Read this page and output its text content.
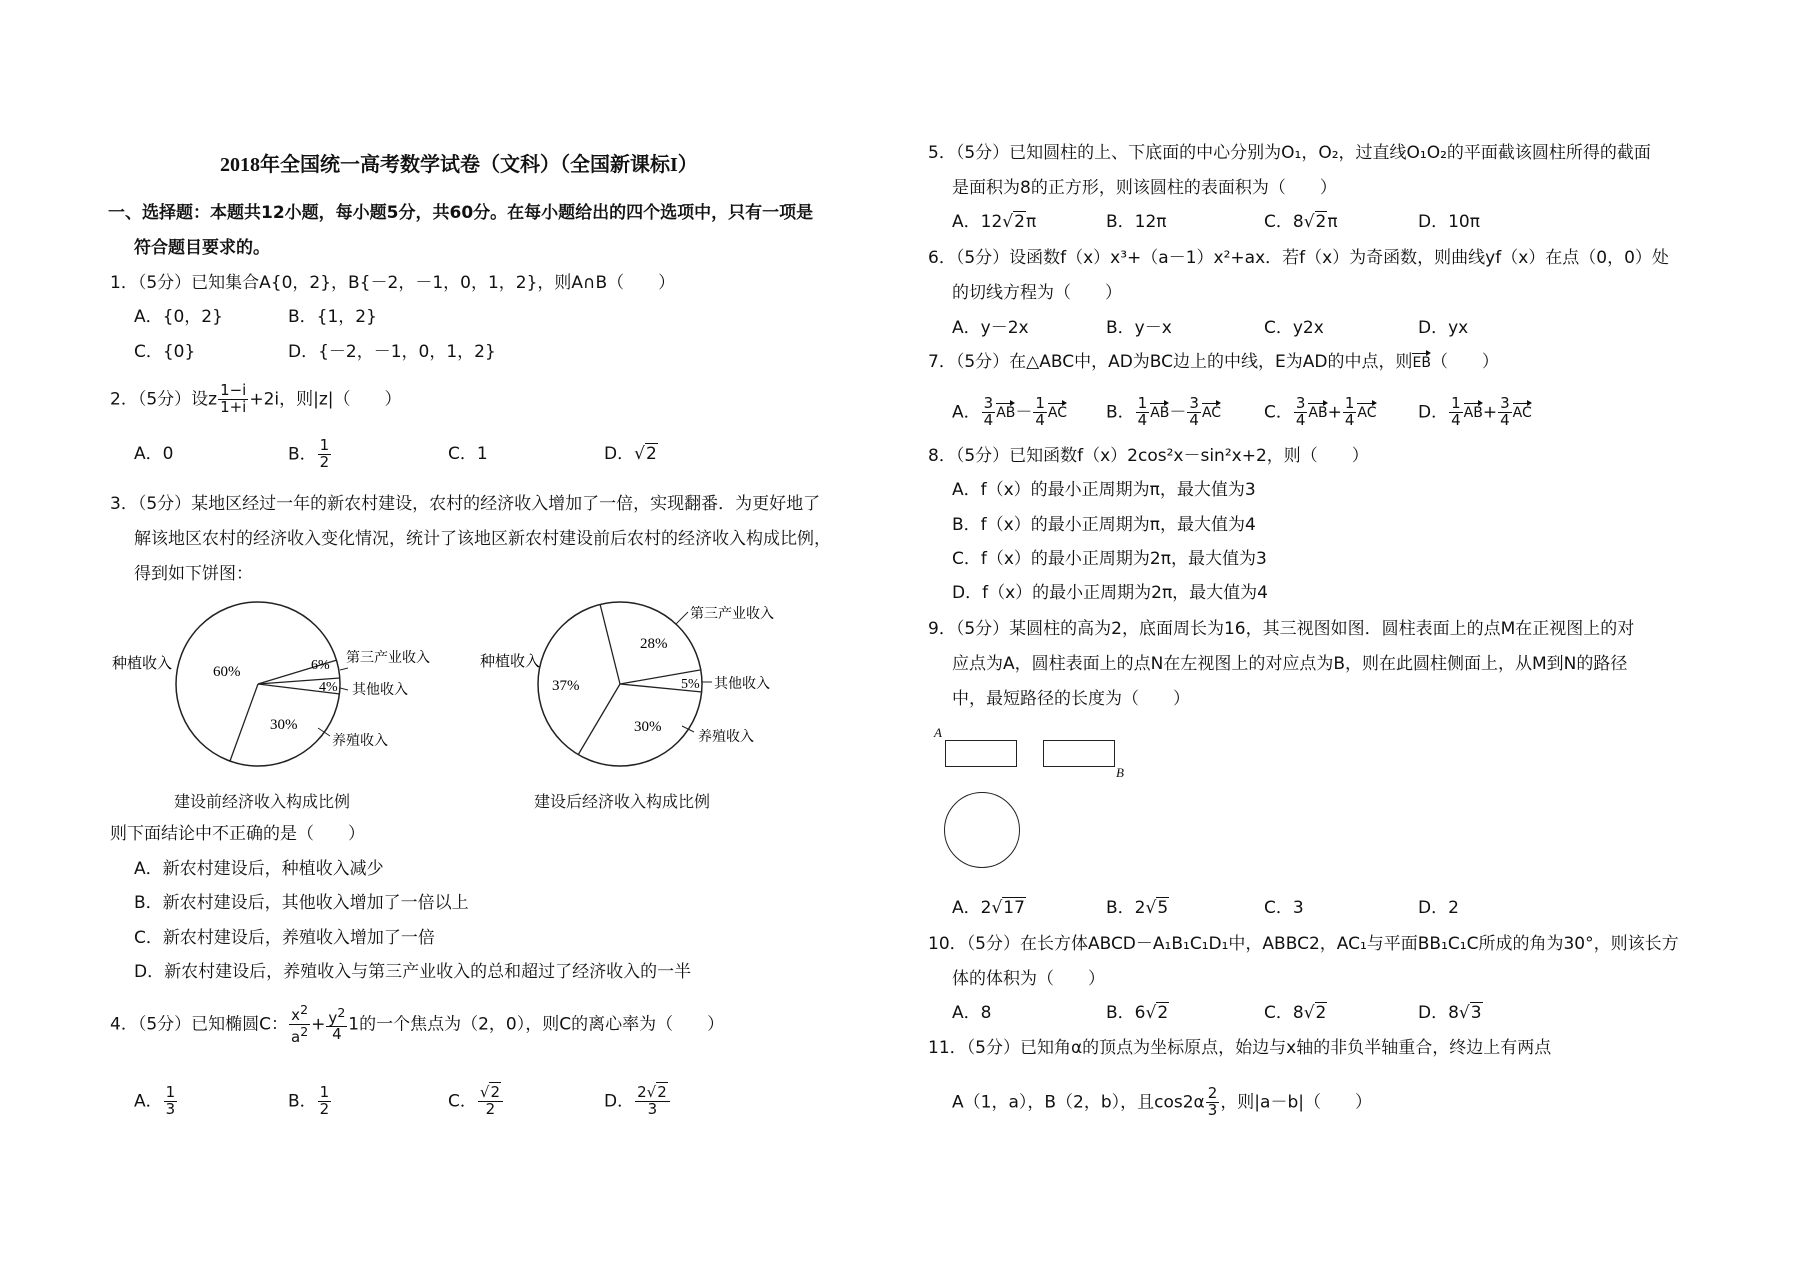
2018年全国统一高考数学试卷（文科）（全国新课标I）
一、选择题：本题共12小题，每小题5分，共60分。在每小题给出的四个选项中，只有一项是
符合题目要求的。
1．（5分）已知集合A{0，2}，B{－2，－1，0，1，2}，则A∩B（　　）
A．{0，2}	B．{1，2}
C．{0}	D．{－2，－1，0，1，2}
2．（5分）设z $\frac{1-i}{1+i} +2i$，则|z|（　　）
A．0	B． $\frac{1}{2}$	C．1	D．√2
3．（5分）某地区经过一年的新农村建设，农村的经济收入增加了一倍，实现翻番．为更好地了
解该地区农村的经济收入变化情况，统计了该地区新农村建设前后农村的经济收入构成比例，
得到如下饼图：
种植收入	60%	6%
4%
30%
第三产业收入
其他收入
养殖收入
建设前经济收入构成比例
种植收入
37%
28%
5%
30%
第三产业收入
其他收入
养殖收入
建设后经济收入构成比例
则下面结论中不正确的是（　　）
A．新农村建设后，种植收入减少
B．新农村建设后，其他收入增加了一倍以上
C．新农村建设后，养殖收入增加了一倍
D．新农村建设后，养殖收入与第三产业收入的总和超过了经济收入的一半
4．（5分）已知椭圆C： $\frac{x^2}{a^2} + \frac{y^2}{4} 1$的一个焦点为（2，0），则C的离心率为（　　）
A． $\frac{1}{3}$	B． $\frac{1}{2}$	C． $\frac{√2}{2}$	D． $\frac{2√2}{3}$
5．（5分）已知圆柱的上、下底面的中心分别为O₁，O₂，过直线O₁O₂的平面截该圆柱所得的截面
是面积为8的正方形，则该圆柱的表面积为（　　）
A．12√2π	B．12π	C．8√2π	D．10π
6．（5分）设函数f（x）x³+（a－1）x²+ax．若f（x）为奇函数，则曲线yf（x）在点（0，0）处
的切线方程为（　　）
A．y－2x	B．y－x	C．y2x	D．yx
7．（5分）在△ABC中，AD为BC边上的中线，E为AD的中点，则EB（　　）
A． $\frac{3}{4} AB- \frac{1}{4}$ AC B． $\frac{1}{4} AB- \frac{3}{4}$ AC	C． $\frac{3}{4} AB+ \frac{1}{4}$ AC D． $\frac{1}{4} AB+ \frac{3}{4}$ AC
8．（5分）已知函数f（x）2cos²x－sin²x+2，则（　　）
A．f（x）的最小正周期为π，最大值为3
B．f（x）的最小正周期为π，最大值为4
C．f（x）的最小正周期为2π，最大值为3
D．f（x）的最小正周期为2π，最大值为4
9．（5分）某圆柱的高为2，底面周长为16，其三视图如图．圆柱表面上的点M在正视图上的对
应点为A，圆柱表面上的点N在左视图上的对应点为B，则在此圆柱侧面上，从M到N的路径
中，最短路径的长度为（　　）
A
B
A．2√17	B．2√5	C．3	D．2
10．（5分）在长方体ABCD－A₁B₁C₁D₁中，ABBC2，AC₁与平面BB₁C₁C所成的角为30°，则该长方
体的体积为（　　）
A．8	B．6√2	C．8√2	D．8√3
11．（5分）已知角α的顶点为坐标原点，始边与x轴的非负半轴重合，终边上有两点
A（1，a），B（2，b），且$\cos 2\alpha \frac{2}{3}$ ，则|a－b|（　　）
